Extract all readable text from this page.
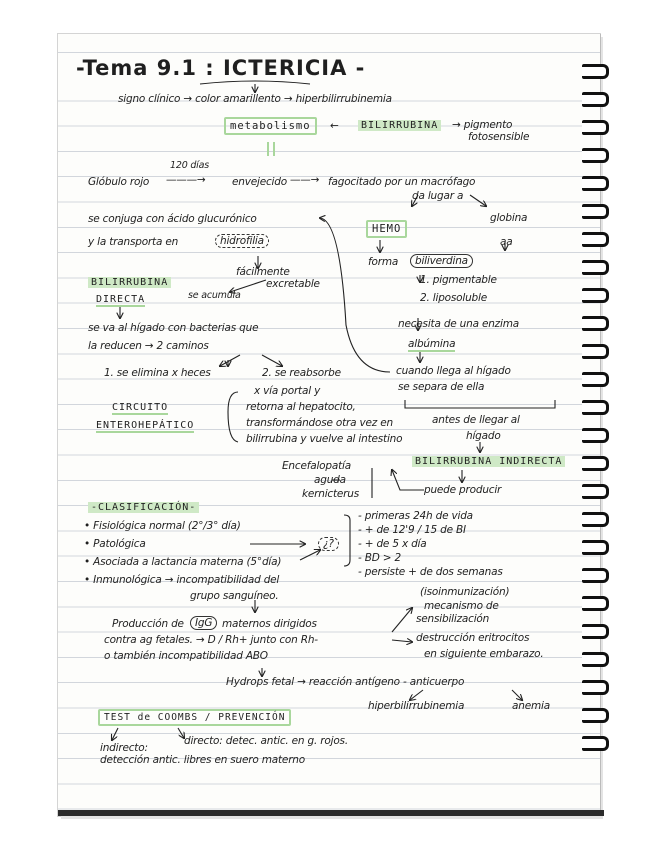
-Tema 9.1 : ICTERICIA -
signo clínico → color amarillento → hiperbilirrubinemia
metabolismo	←	BILIRRUBINA → pigmento
fotosensible
120 días
Glóbulo rojo ———→	envejecido ——→ fagocitado por un macrófago
da lugar a
se conjuga con ácido glucurónico
y la transporta en	hidrofilia
HEMO
globina
aa
forma	biliverdina
fácilmente
excretable
BILIRRUBINA
DIRECTA	se acumula
1. pigmentable
2. liposoluble
se va al hígado con bacterias que
la reducen → 2 caminos
necesita de una enzima
albúmina
1. se elimina x heces	2. se reabsorbe	cuando llega al hígado
se separa de ella
x vía portal y
retorna al hepatocito,
transformándose otra vez en
bilirrubina y vuelve al intestino
CIRCUITO
ENTEROHEPÁTICO	antes de llegar al
hígado
BILIRRUBINA INDIRECTA
Encefalopatía
aguda
kernicterus	puede producir
-CLASIFICACIÓN-
• Fisiológica normal (2°/3° día)
• Patológica	¿?
• Asociada a lactancia materna (5°día)
• Inmunológica → incompatibilidad del
grupo sanguíneo.
- primeras 24h de vida
- + de 12'9 / 15 de BI
- + de 5 x día
- BD > 2
- persiste + de dos semanas
(isoinmunización)
mecanismo de
sensibilización
destrucción eritrocitos
en siguiente embarazo.
Producción de	IgG maternos dirigidos
contra ag fetales. → D / Rh+ junto con Rh-
o también incompatibilidad ABO
Hydrops fetal → reacción antígeno - anticuerpo
hiperbilirrubinemia	anemia
TEST de COOMBS / PREVENCIÓN
directo: detec. antic. en g. rojos.
indirecto:
detección antic. libres en suero materno
